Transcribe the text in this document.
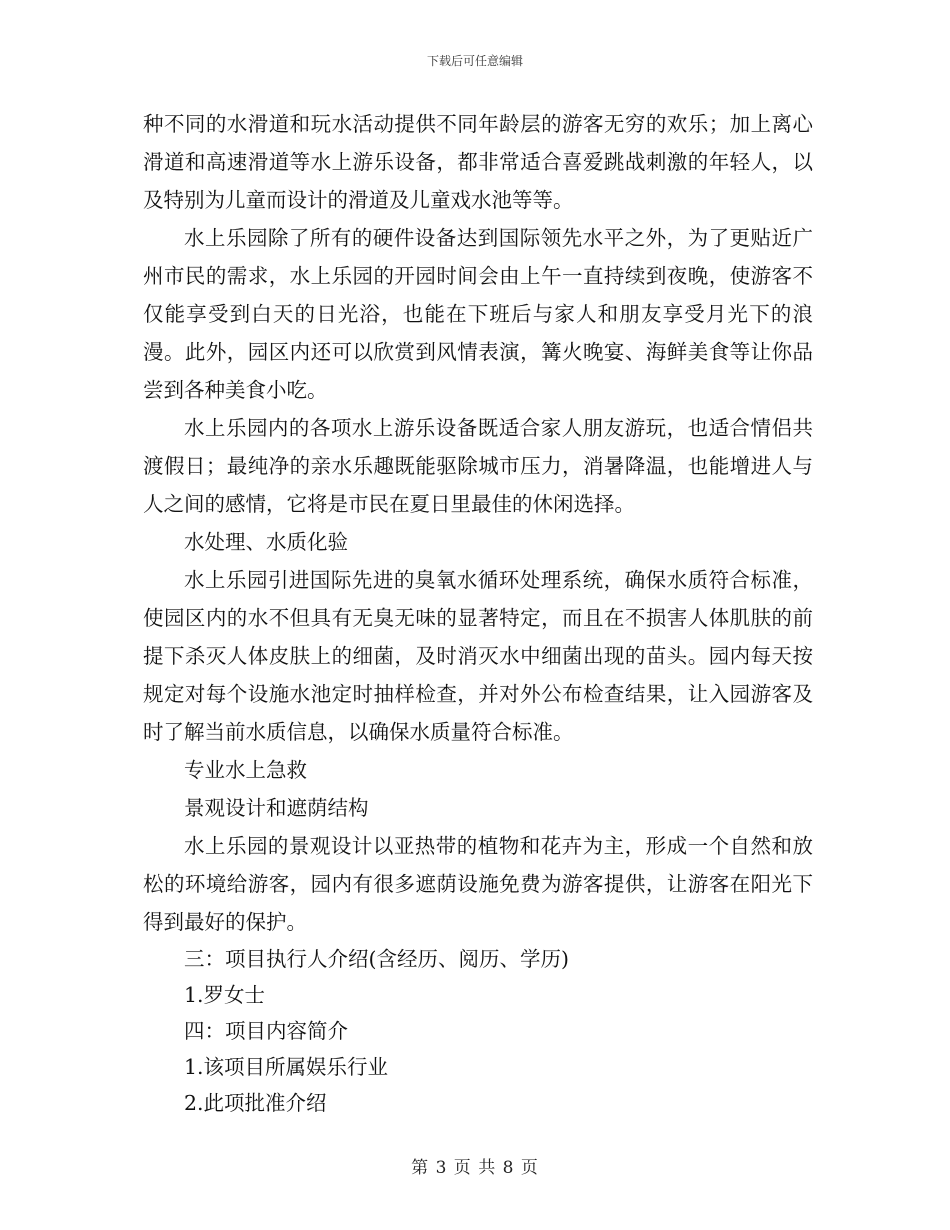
下载后可任意编辑

种不同的水滑道和玩水活动提供不同年龄层的游客无穷的欢乐；加上离心滑道和高速滑道等水上游乐设备，都非常适合喜爱跳战刺激的年轻人，以及特别为儿童而设计的滑道及儿童戏水池等等。

水上乐园除了所有的硬件设备达到国际领先水平之外，为了更贴近广州市民的需求，水上乐园的开园时间会由上午一直持续到夜晚，使游客不仅能享受到白天的日光浴，也能在下班后与家人和朋友享受月光下的浪漫。此外，园区内还可以欣赏到风情表演，篝火晚宴、海鲜美食等让你品尝到各种美食小吃。

水上乐园内的各项水上游乐设备既适合家人朋友游玩，也适合情侣共渡假日；最纯净的亲水乐趣既能驱除城市压力，消暑降温，也能增进人与人之间的感情，它将是市民在夏日里最佳的休闲选择。

水处理、水质化验

水上乐园引进国际先进的臭氧水循环处理系统，确保水质符合标准，使园区内的水不但具有无臭无味的显著特定，而且在不损害人体肌肤的前提下杀灭人体皮肤上的细菌，及时消灭水中细菌出现的苗头。园内每天按规定对每个设施水池定时抽样检查，并对外公布检查结果，让入园游客及时了解当前水质信息，以确保水质量符合标准。

专业水上急救

景观设计和遮荫结构

水上乐园的景观设计以亚热带的植物和花卉为主，形成一个自然和放松的环境给游客，园内有很多遮荫设施免费为游客提供，让游客在阳光下得到最好的保护。

三：项目执行人介绍(含经历、阅历、学历)

1.罗女士

四：项目内容简介

1.该项目所属娱乐行业

2.此项批准介绍

第 3 页 共 8 页
